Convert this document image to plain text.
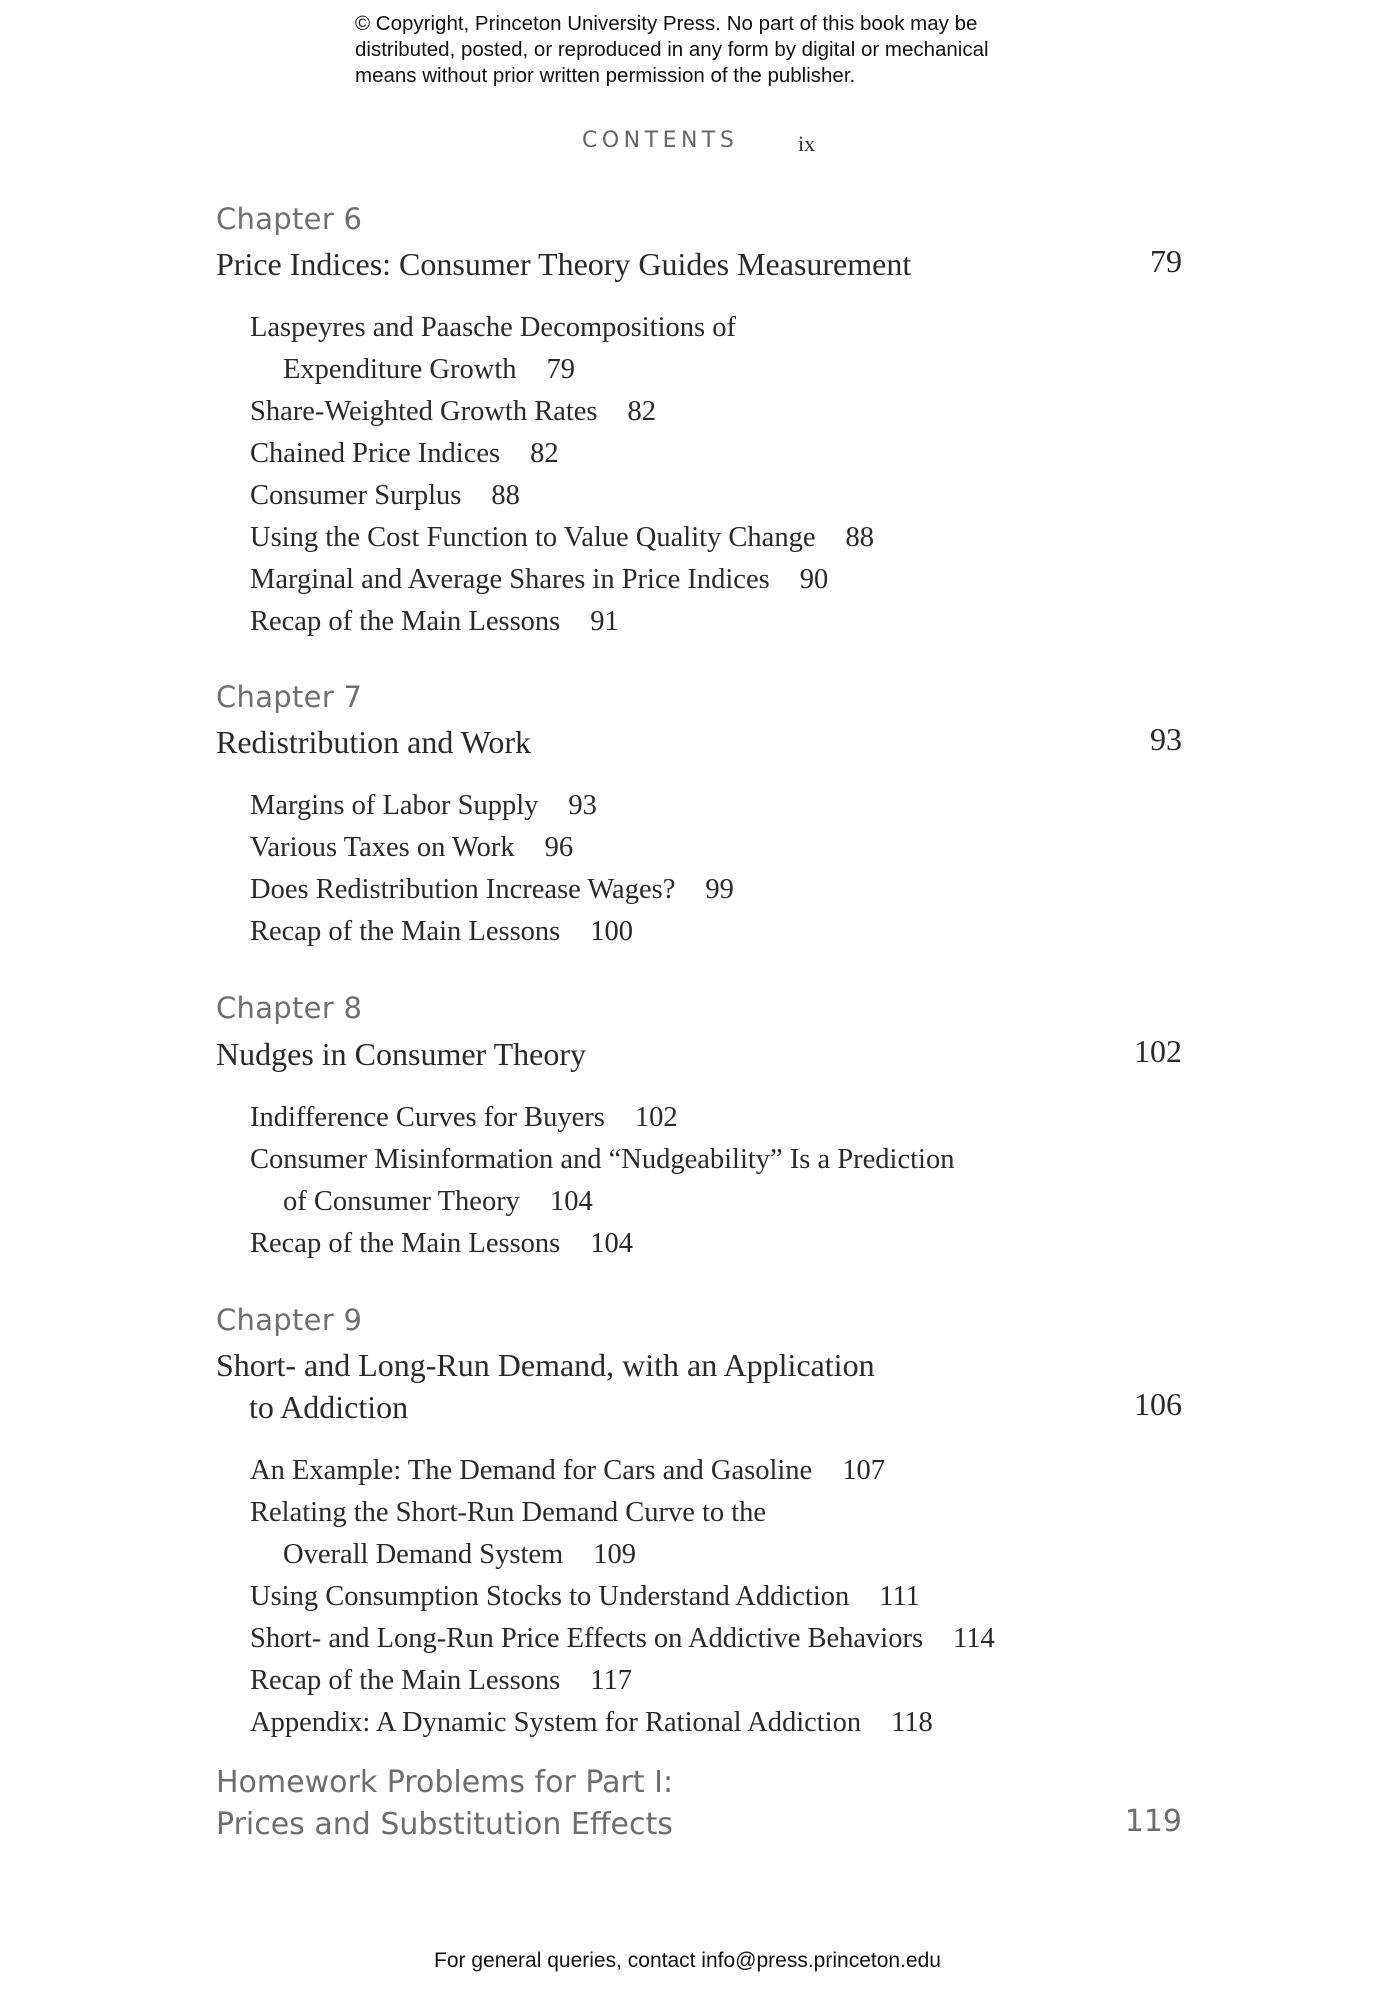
© Copyright, Princeton University Press. No part of this book may be
distributed, posted, or reproduced in any form by digital or mechanical
means without prior written permission of the publisher.
CONTENTS	ix
Chapter 6
Price Indices: Consumer Theory Guides Measurement	79
Laspeyres and Paasche Decompositions of
Expenditure Growth 79
Share-Weighted Growth Rates 82
Chained Price Indices 82
Consumer Surplus 88
Using the Cost Function to Value Quality Change 88
Marginal and Average Shares in Price Indices 90
Recap of the Main Lessons 91
Chapter 7
Redistribution and Work	93
Margins of Labor Supply 93
Various Taxes on Work 96
Does Redistribution Increase Wages? 99
Recap of the Main Lessons 100
Chapter 8
Nudges in Consumer Theory	102
Indifference Curves for Buyers 102
Consumer Misinformation and “Nudgeability” Is a Prediction
of Consumer Theory 104
Recap of the Main Lessons 104
Chapter 9
Short- and Long-Run Demand, with an Application
to Addiction	106
An Example: The Demand for Cars and Gasoline 107
Relating the Short-Run Demand Curve to the
Overall Demand System 109
Using Consumption Stocks to Understand Addiction 111
Short- and Long-Run Price Effects on Addictive Behaviors 114
Recap of the Main Lessons 117
Appendix: A Dynamic System for Rational Addiction 118
Homework Problems for Part I:
Prices and Substitution Effects	119
For general queries, contact info@press.princeton.edu
